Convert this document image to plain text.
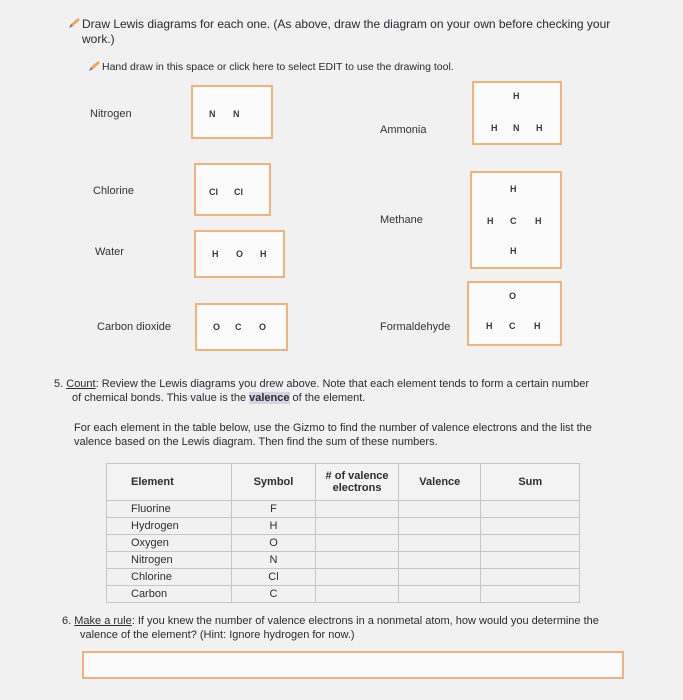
Draw Lewis diagrams for each one. (As above, draw the diagram on your own before checking your
work.)
Hand draw in this space or click here to select EDIT to use the drawing tool.
Nitrogen	N N
Ammonia
H
H N H
Chlorine	Cl Cl
Methane
H
H C H
H
Water	H O H
Carbon dioxide	O C O	Formaldehyde
O
H C H
5. Count: Review the Lewis diagrams you drew above. Note that each element tends to form a certain number
of chemical bonds. This value is the valence of the element.
For each element in the table below, use the Gizmo to find the number of valence electrons and the list the
valence based on the Lewis diagram. Then find the sum of these numbers.
Element	Symbol	# of valence electrons	Valence	Sum
Fluorine	F			
Hydrogen	H			
Oxygen	O			
Nitrogen	N			
Chlorine	Cl			
Carbon	C			
6. Make a rule: If you knew the number of valence electrons in a nonmetal atom, how would you determine the
valence of the element? (Hint: Ignore hydrogen for now.)
